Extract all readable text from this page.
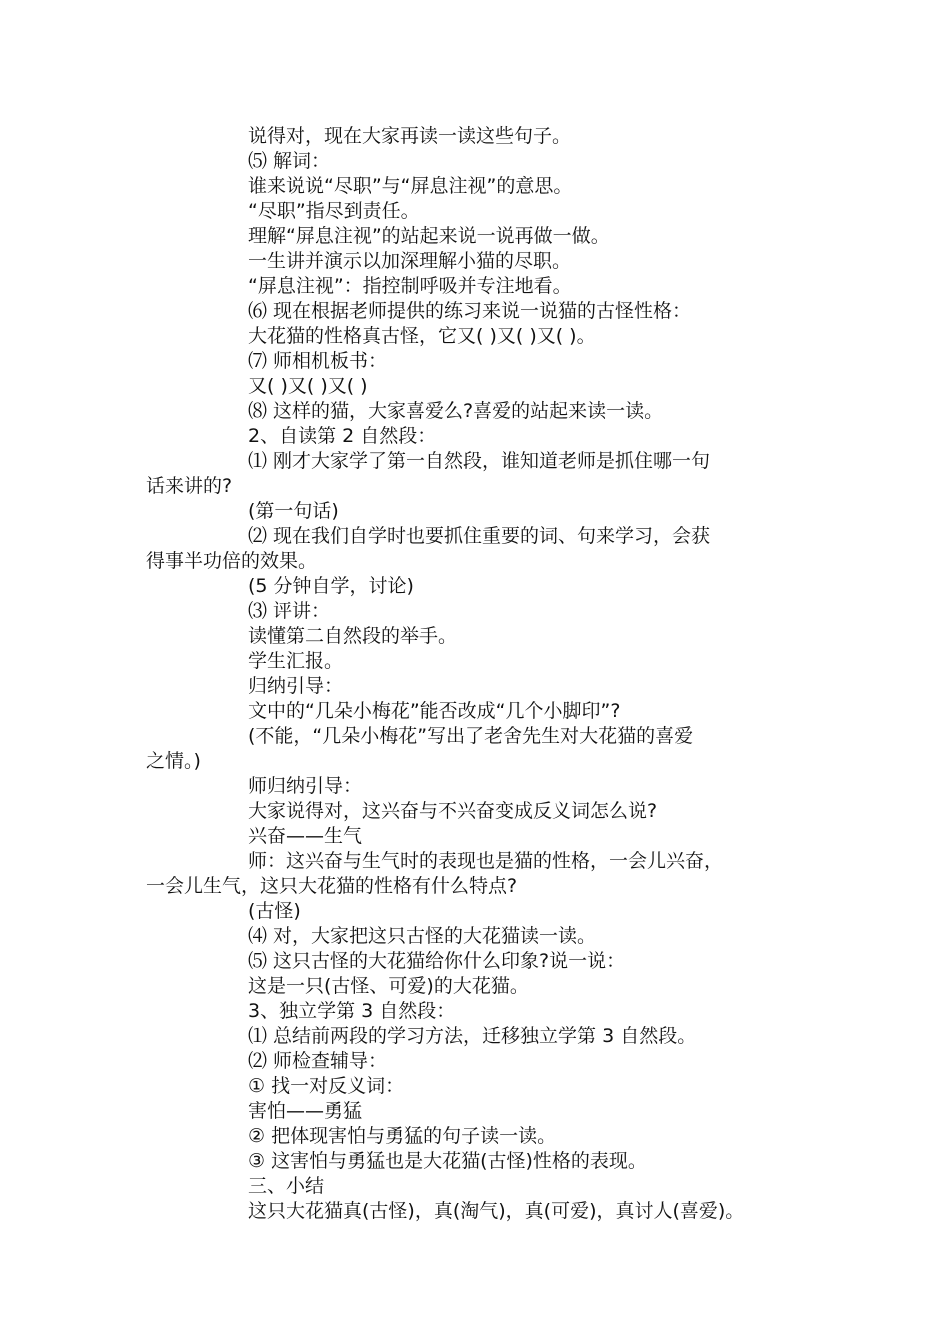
说得对，现在大家再读一读这些句子。
⑸ 解词：
谁来说说“尽职”与“屏息注视”的意思。
“尽职”指尽到责任。
理解“屏息注视”的站起来说一说再做一做。
一生讲并演示以加深理解小猫的尽职。
“屏息注视”：指控制呼吸并专注地看。
⑹ 现在根据老师提供的练习来说一说猫的古怪性格：
大花猫的性格真古怪，它又( )又( )又( )。
⑺ 师相机板书：
又( )又( )又( )
⑻ 这样的猫，大家喜爱么?喜爱的站起来读一读。
2、自读第 2 自然段：
⑴ 刚才大家学了第一自然段，谁知道老师是抓住哪一句
话来讲的?
(第一句话)
⑵ 现在我们自学时也要抓住重要的词、句来学习，会获
得事半功倍的效果。
(5 分钟自学，讨论)
⑶ 评讲：
读懂第二自然段的举手。
学生汇报。
归纳引导：
文中的“几朵小梅花”能否改成“几个小脚印”?
(不能，“几朵小梅花”写出了老舍先生对大花猫的喜爱
之情。)
师归纳引导：
大家说得对，这兴奋与不兴奋变成反义词怎么说?
兴奋——生气
师：这兴奋与生气时的表现也是猫的性格，一会儿兴奋，
一会儿生气，这只大花猫的性格有什么特点?
(古怪)
⑷ 对，大家把这只古怪的大花猫读一读。
⑸ 这只古怪的大花猫给你什么印象?说一说：
这是一只(古怪、可爱)的大花猫。
3、独立学第 3 自然段：
⑴ 总结前两段的学习方法，迁移独立学第 3 自然段。
⑵ 师检查辅导：
① 找一对反义词：
害怕——勇猛
② 把体现害怕与勇猛的句子读一读。
③ 这害怕与勇猛也是大花猫(古怪)性格的表现。
三、小结
这只大花猫真(古怪)，真(淘气)，真(可爱)，真讨人(喜爱)。
